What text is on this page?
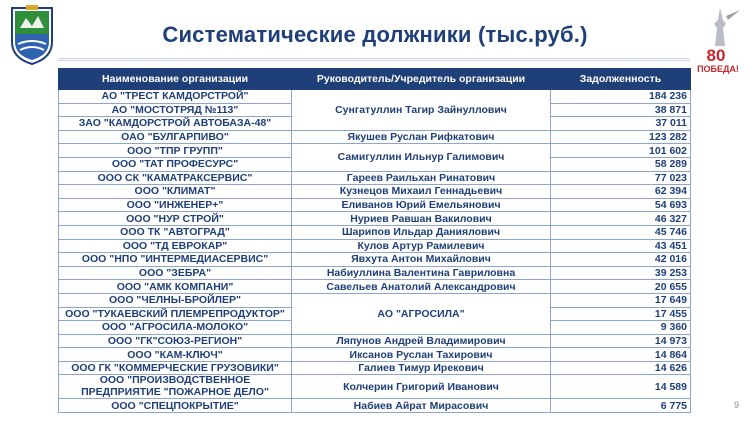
80
ПОБЕДА!
Систематические должники (тыс.руб.)
Наименование организации	Руководитель/Учредитель организации	Задолженность
АО "ТРЕСТ КАМДОРСТРОЙ"	Сунгатуллин Тагир Зайнуллович	184 236
АО "МОСТОТРЯД №113"		38 871
ЗАО "КАМДОРСТРОЙ АВТОБАЗА-48"		37 011
ОАО "БУЛГАРПИВО"	Якушев Руслан Рифкатович	123 282
ООО "ТПР ГРУПП"	Самигуллин Ильнур Галимович	101 602
ООО "ТАТ ПРОФЕСУРС"		58 289
ООО СК "КАМАТРАКСЕРВИС"	Гареев Раильхан Ринатович	77 023
ООО "КЛИМАТ"	Кузнецов Михаил Геннадьевич	62 394
ООО "ИНЖЕНЕР+"	Еливанов Юрий Емельянович	54 693
ООО "НУР СТРОЙ"	Нуриев Равшан Вакилович	46 327
ООО ТК "АВТОГРАД"	Шарипов Ильдар Даниялович	45 746
ООО "ТД ЕВРОКАР"	Кулов Артур Рамилевич	43 451
ООО "НПО "ИНТЕРМЕДИАСЕРВИС"	Явхута Антон Михайлович	42 016
ООО "ЗЕБРА"	Набиуллина Валентина Гавриловна	39 253
ООО "АМК КОМПАНИ"	Савельев Анатолий Александрович	20 655
ООО "ЧЕЛНЫ-БРОЙЛЕР"	АО "АГРОСИЛА"	17 649
ООО "ТУКАЕВСКИЙ ПЛЕМРЕПРОДУКТОР"		17 455
ООО "АГРОСИЛА-МОЛОКО"		9 360
ООО "ГК"СОЮЗ-РЕГИОН"	Ляпунов Андрей Владимирович	14 973
ООО "КАМ-КЛЮЧ"	Иксанов Руслан Тахирович	14 864
ООО ГК "КОММЕРЧЕСКИЕ ГРУЗОВИКИ"	Галиев Тимур Ирекович	14 626
ООО "ПРОИЗВОДСТВЕННОЕ ПРЕДПРИЯТИЕ "ПОЖАРНОЕ ДЕЛО"	Колчерин Григорий Иванович	14 589
ООО "СПЕЦПОКРЫТИЕ"	Набиев Айрат Мирасович	6 775	9
